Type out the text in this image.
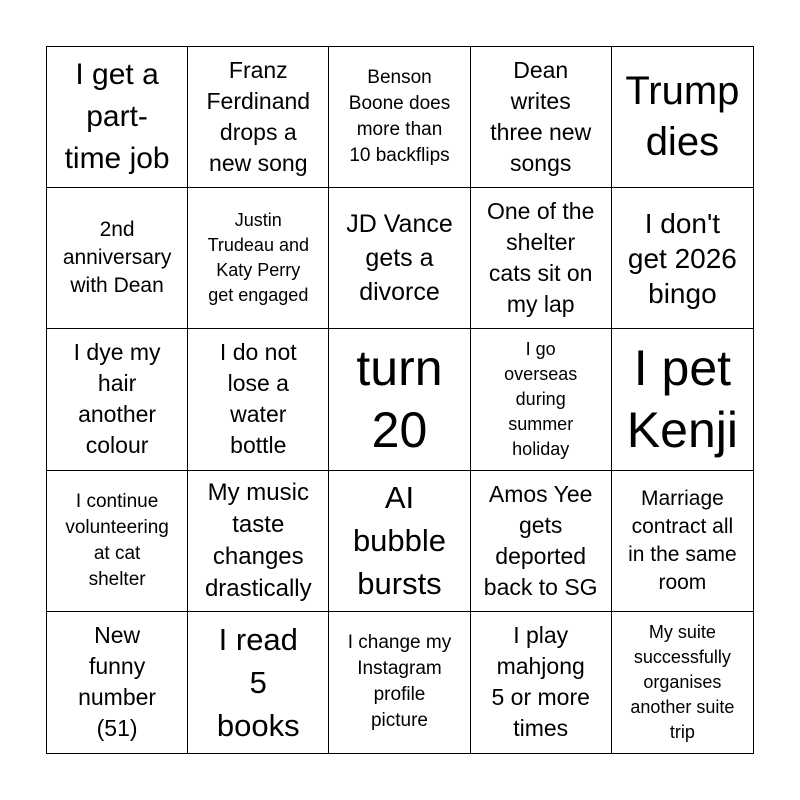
I get a
part-
time job
Franz
Ferdinand
drops a
new song
Benson
Boone does
more than
10 backflips
Dean
writes
three new
songs
Trump
dies
2nd
anniversary
with Dean
Justin
Trudeau and
Katy Perry
get engaged
JD Vance
gets a
divorce
One of the
shelter
cats sit on
my lap
I don't
get 2026
bingo
I dye my
hair
another
colour
I do not
lose a
water
bottle
turn
20
I go
overseas
during
summer
holiday
I pet
Kenji
I continue
volunteering
at cat
shelter
My music
taste
changes
drastically
AI
bubble
bursts
Amos Yee
gets
deported
back to SG
Marriage
contract all
in the same
room
New
funny
number
(51)
I read
5
books
I change my
Instagram
profile
picture
I play
mahjong
5 or more
times
My suite
successfully
organises
another suite
trip
